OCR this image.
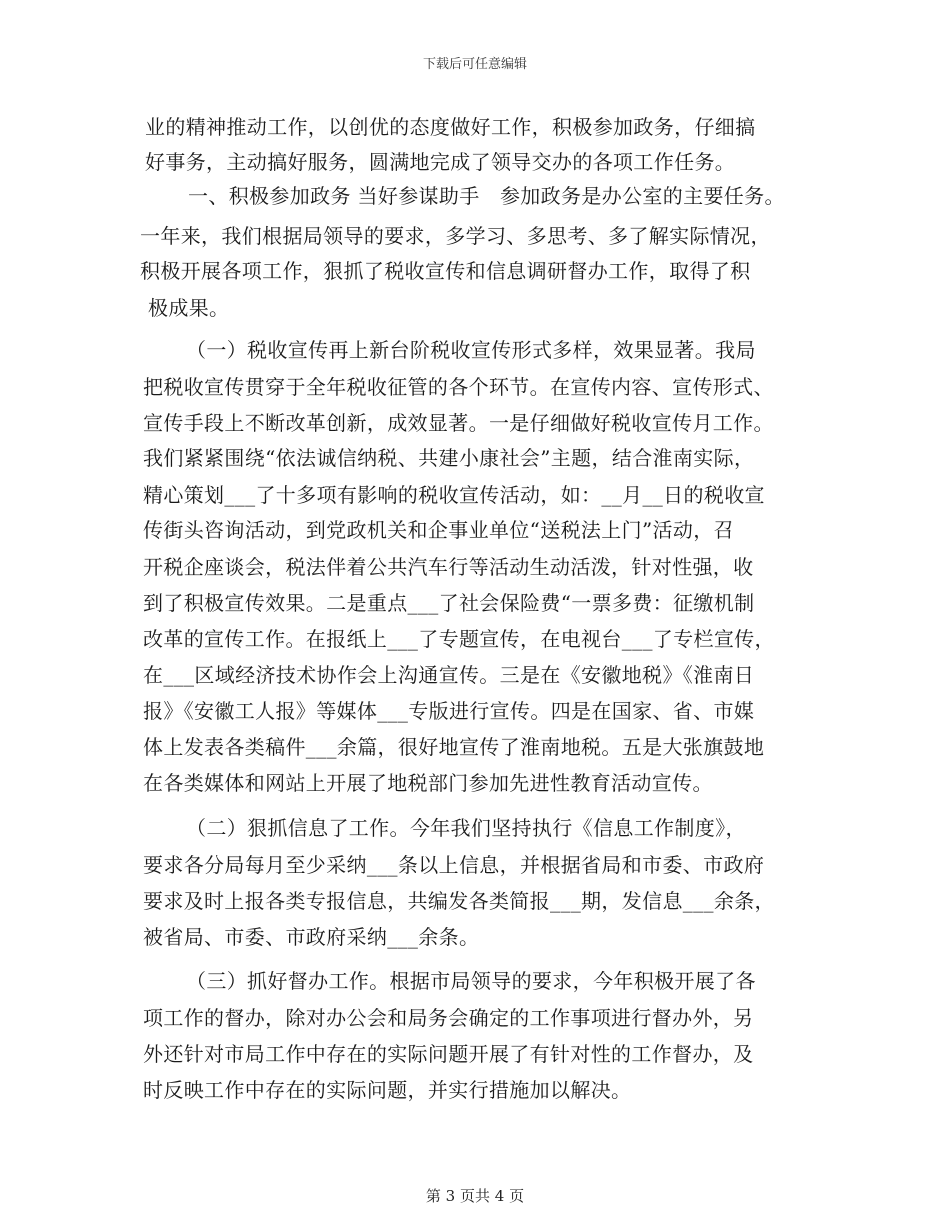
下载后可任意编辑
业的精神推动工作，以创优的态度做好工作，积极参加政务，仔细搞
好事务，主动搞好服务，圆满地完成了领导交办的各项工作任务。
一、积极参加政务 当好参谋助手　参加政务是办公室的主要任务。
一年来，我们根据局领导的要求，多学习、多思考、多了解实际情况，
积极开展各项工作，狠抓了税收宣传和信息调研督办工作，取得了积
极成果。
（一）税收宣传再上新台阶税收宣传形式多样，效果显著。我局
把税收宣传贯穿于全年税收征管的各个环节。在宣传内容、宣传形式、
宣传手段上不断改革创新，成效显著。一是仔细做好税收宣传月工作。
我们紧紧围绕“依法诚信纳税、共建小康社会”主题，结合淮南实际，
精心策划___了十多项有影响的税收宣传活动，如：__月__日的税收宣
传街头咨询活动，到党政机关和企事业单位“送税法上门”活动，召
开税企座谈会，税法伴着公共汽车行等活动生动活泼，针对性强，收
到了积极宣传效果。二是重点___了社会保险费“一票多费：征缴机制
改革的宣传工作。在报纸上___了专题宣传，在电视台___了专栏宣传，
在___区域经济技术协作会上沟通宣传。三是在《安徽地税》《淮南日
报》《安徽工人报》等媒体___专版进行宣传。四是在国家、省、市媒
体上发表各类稿件___余篇，很好地宣传了淮南地税。五是大张旗鼓地
在各类媒体和网站上开展了地税部门参加先进性教育活动宣传。
（二）狠抓信息了工作。今年我们坚持执行《信息工作制度》，
要求各分局每月至少采纳___条以上信息，并根据省局和市委、市政府
要求及时上报各类专报信息，共编发各类简报___期，发信息___余条，
被省局、市委、市政府采纳___余条。
（三）抓好督办工作。根据市局领导的要求，今年积极开展了各
项工作的督办，除对办公会和局务会确定的工作事项进行督办外，另
外还针对市局工作中存在的实际问题开展了有针对性的工作督办，及
时反映工作中存在的实际问题，并实行措施加以解决。
第 3 页共 4 页
